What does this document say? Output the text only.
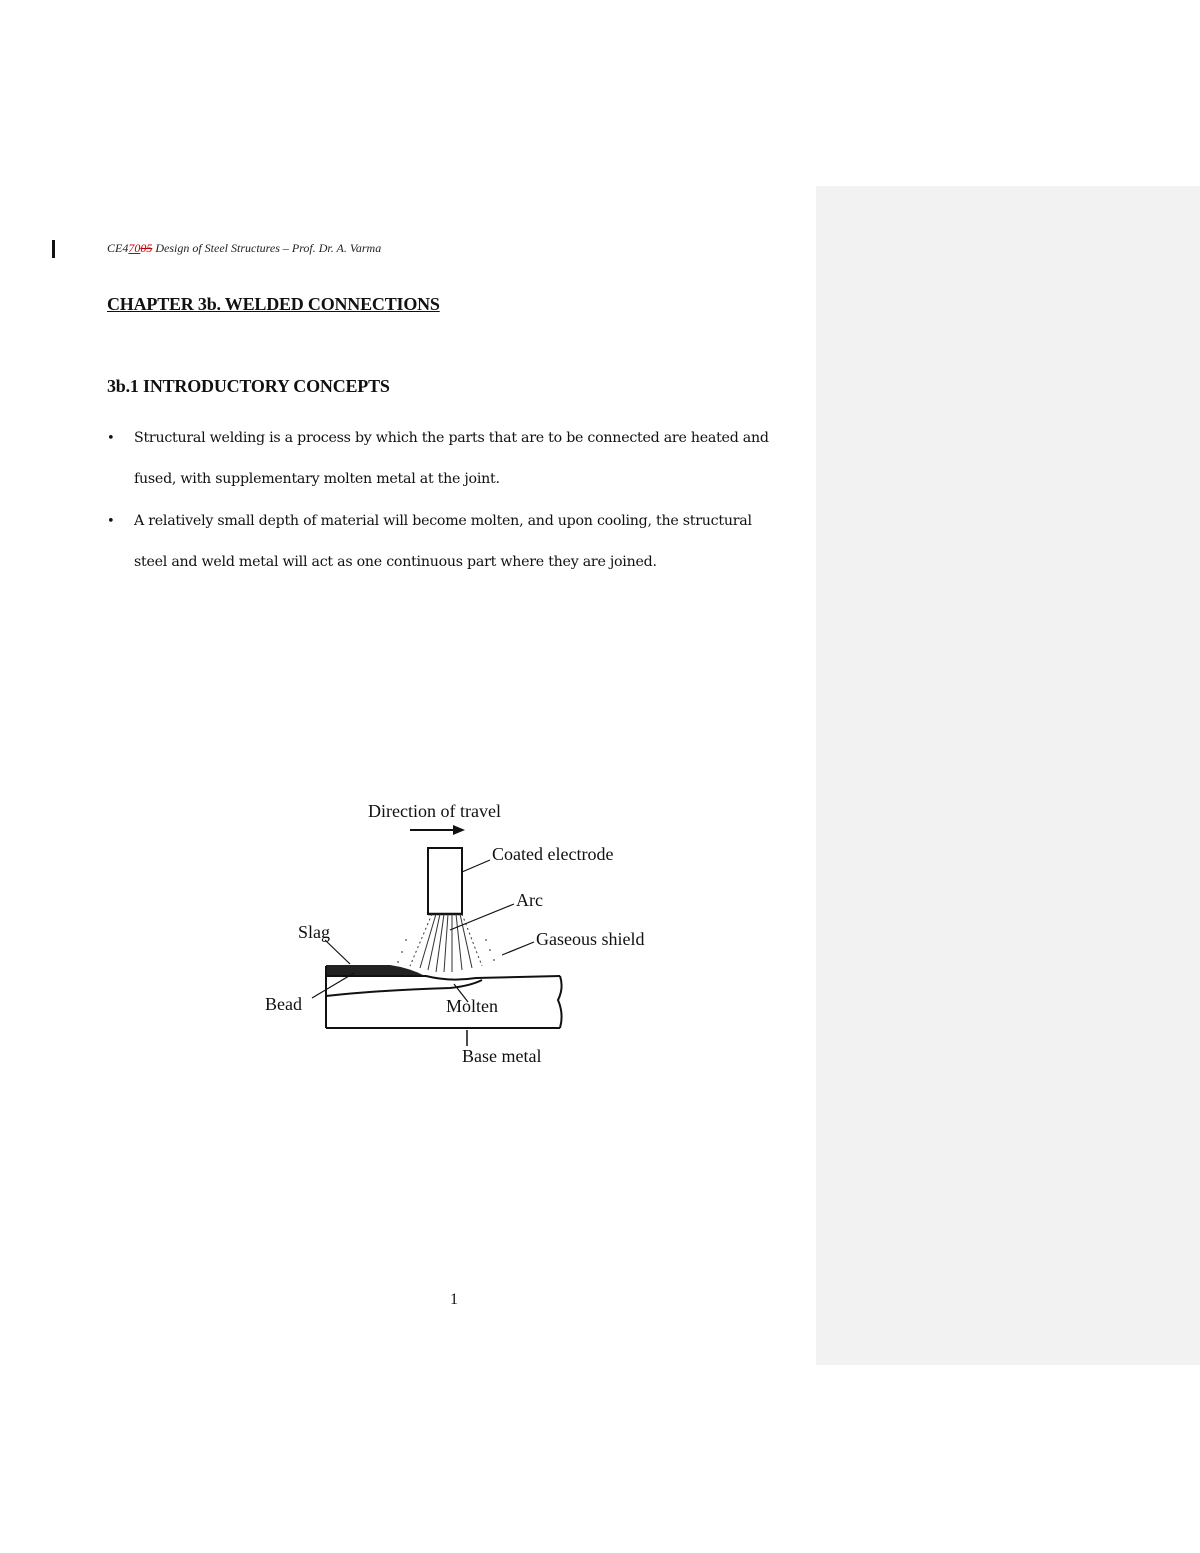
CE47005 Design of Steel Structures – Prof. Dr. A. Varma
CHAPTER 3b. WELDED CONNECTIONS
3b.1 INTRODUCTORY CONCEPTS
• Structural welding is a process by which the parts that are to be connected are heated and fused, with supplementary molten metal at the joint.
• A relatively small depth of material will become molten, and upon cooling, the structural steel and weld metal will act as one continuous part where they are joined.
Direction of travel
Coated electrode
Arc
Gaseous shield
Slag
Bead	Molten
Base metal
1
